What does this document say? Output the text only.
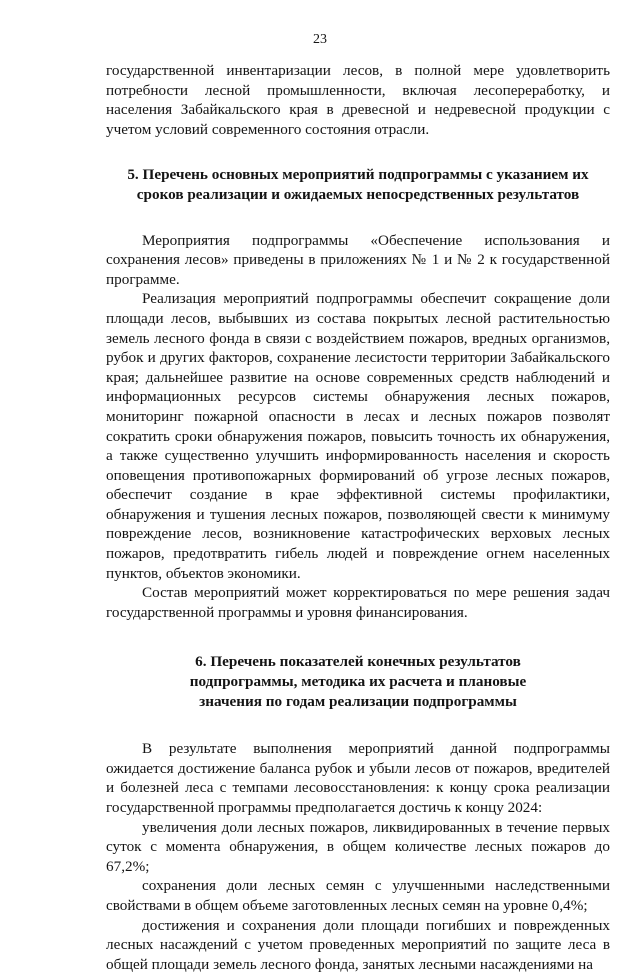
23

государственной инвентаризации лесов, в полной мере удовлетворить потребности лесной промышленности, включая лесопереработку, и населения Забайкальского края в древесной и недревесной продукции с учетом условий современного состояния отрасли.

5. Перечень основных мероприятий подпрограммы с указанием их
сроков реализации и ожидаемых непосредственных результатов

Мероприятия подпрограммы «Обеспечение использования и сохранения лесов» приведены в приложениях № 1 и № 2 к государственной программе.

Реализация мероприятий подпрограммы обеспечит сокращение доли площади лесов, выбывших из состава покрытых лесной растительностью земель лесного фонда в связи с воздействием пожаров, вредных организмов, рубок и других факторов, сохранение лесистости территории Забайкальского края; дальнейшее развитие на основе современных средств наблюдений и информационных ресурсов системы обнаружения лесных пожаров, мониторинг пожарной опасности в лесах и лесных пожаров позволят сократить сроки обнаружения пожаров, повысить точность их обнаружения, а также существенно улучшить информированность населения и скорость оповещения противопожарных формирований об угрозе лесных пожаров, обеспечит создание в крае эффективной системы профилактики, обнаружения и тушения лесных пожаров, позволяющей свести к минимуму повреждение лесов, возникновение катастрофических верховых лесных пожаров, предотвратить гибель людей и повреждение огнем населенных пунктов, объектов экономики.

Состав мероприятий может корректироваться по мере решения задач государственной программы и уровня финансирования.

6. Перечень показателей конечных результатов
подпрограммы, методика их расчета и плановые
значения по годам реализации подпрограммы

В результате выполнения мероприятий данной подпрограммы ожидается достижение баланса рубок и убыли лесов от пожаров, вредителей и болезней леса с темпами лесовосстановления: к концу срока реализации государственной программы предполагается достичь к концу 2024:

увеличения доли лесных пожаров, ликвидированных в течение первых суток с момента обнаружения, в общем количестве лесных пожаров до 67,2%;

сохранения доли лесных семян с улучшенными наследственными свойствами в общем объеме заготовленных лесных семян на уровне 0,4%;

достижения и сохранения доли площади погибших и поврежденных лесных насаждений с учетом проведенных мероприятий по защите леса в общей площади земель лесного фонда, занятых лесными насаждениями на
